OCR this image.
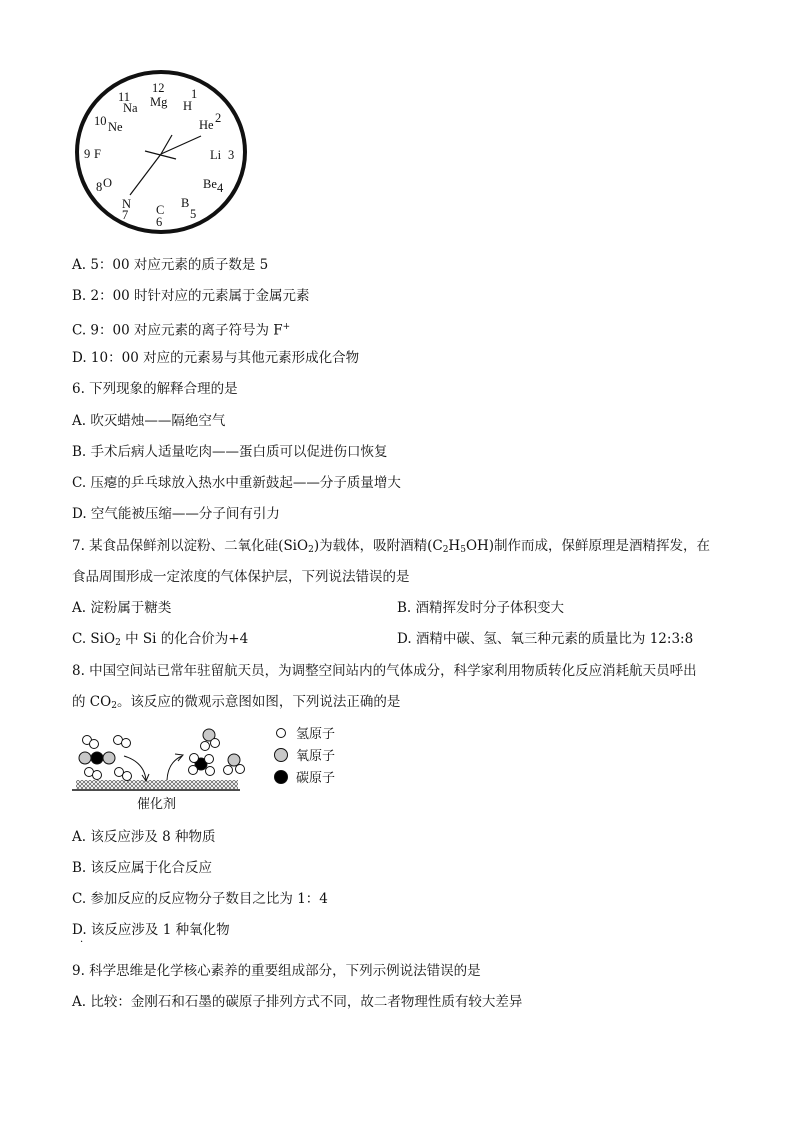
12
Mg
1
H
2
He
3
Li
4
Be
5
B
6
C
7
N
8 O
9 F
10 Ne
11
Na
A. 5：00 对应元素的质子数是 5
B. 2：00 时针对应的元素属于金属元素
C. 9：00 对应元素的离子符号为 F+
D. 10：00 对应的元素易与其他元素形成化合物
6. 下列现象的解释合理的是
A. 吹灭蜡烛——隔绝空气
B. 手术后病人适量吃肉——蛋白质可以促进伤口恢复
C. 压瘪的乒乓球放入热水中重新鼓起——分子质量增大
D. 空气能被压缩——分子间有引力
7. 某食品保鲜剂以淀粉、二氧化硅(SiO$_2$)为载体，吸附酒精$(C_2H_5OH)$制作而成，保鲜原理是酒精挥发，在
食品周围形成一定浓度的气体保护层，下列说法错误的是
A. 淀粉属于糖类	B. 酒精挥发时分子体积变大
C. SiO$_2$ 中 Si 的化合价为+4	D. 酒精中碳、氢、氧三种元素的质量比为 12:3:8
8. 中国空间站已常年驻留航天员，为调整空间站内的气体成分，科学家利用物质转化反应消耗航天员呼出
的 $CO_2$。该反应的微观示意图如图，下列说法正确的是
氢原子
氧原子
碳原子
催化剂
A. 该反应涉及 8 种物质
B. 该反应属于化合反应
C. 参加反应的反应物分子数目之比为 1：4
D. 该反应涉及 1 种氧化物
·
9. 科学思维是化学核心素养的重要组成部分，下列示例说法错误的是
A. 比较：金刚石和石墨的碳原子排列方式不同，故二者物理性质有较大差异
